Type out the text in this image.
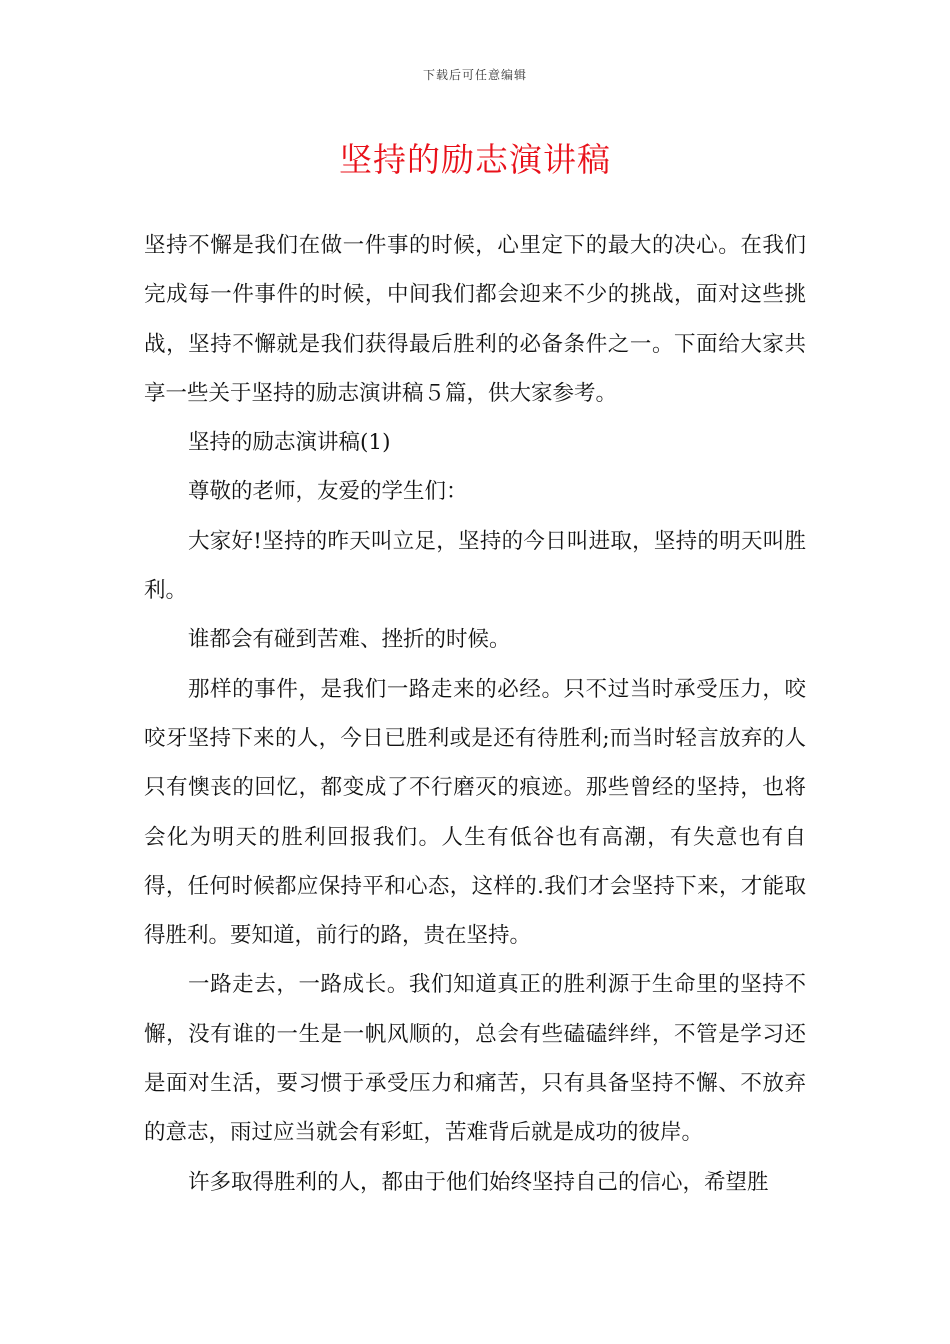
下载后可任意编辑
坚持的励志演讲稿

坚持不懈是我们在做一件事的时候，心里定下的最大的决心。在我们完成每一件事件的时候，中间我们都会迎来不少的挑战，面对这些挑战，坚持不懈就是我们获得最后胜利的必备条件之一。下面给大家共享一些关于坚持的励志演讲稿５篇，供大家参考。

坚持的励志演讲稿(1)

尊敬的老师，友爱的学生们：

大家好!坚持的昨天叫立足，坚持的今日叫进取，坚持的明天叫胜利。

谁都会有碰到苦难、挫折的时候。

那样的事件，是我们一路走来的必经。只不过当时承受压力，咬咬牙坚持下来的人，今日已胜利或是还有待胜利;而当时轻言放弃的人只有懊丧的回忆，都变成了不行磨灭的痕迹。那些曾经的坚持，也将会化为明天的胜利回报我们。人生有低谷也有高潮，有失意也有自得，任何时候都应保持平和心态，这样的.我们才会坚持下来，才能取得胜利。要知道，前行的路，贵在坚持。

一路走去，一路成长。我们知道真正的胜利源于生命里的坚持不懈，没有谁的一生是一帆风顺的，总会有些磕磕绊绊，不管是学习还是面对生活，要习惯于承受压力和痛苦，只有具备坚持不懈、不放弃的意志，雨过应当就会有彩虹，苦难背后就是成功的彼岸。

许多取得胜利的人，都由于他们始终坚持自己的信心，希望胜
